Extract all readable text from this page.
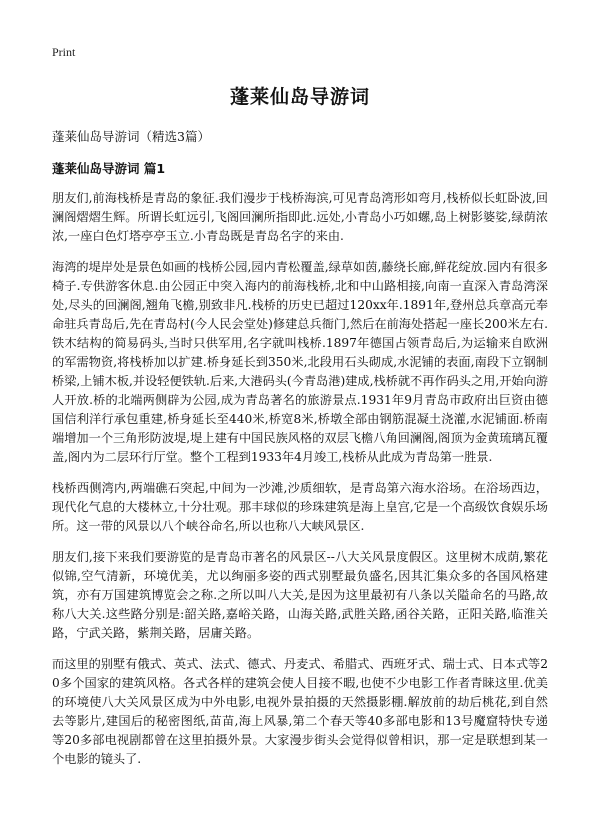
Print
蓬莱仙岛导游词
蓬莱仙岛导游词（精选3篇）
蓬莱仙岛导游词 篇1

朋友们,前海栈桥是青岛的象征.我们漫步于栈桥海滨,可见青岛湾形如弯月,栈桥似长虹卧波,回澜阁熠熠生辉。所谓长虹远引,飞阁回澜所指即此.远处,小青岛小巧如螺,岛上树影婆娑,绿荫浓浓,一座白色灯塔亭亭玉立.小青岛既是青岛名字的来由.

海湾的堤岸处是景色如画的栈桥公园,园内青松覆盖,绿草如茵,藤绕长廊,鲜花绽放.园内有很多椅子.专供游客休息.由公园正中突入海内的前海栈桥,北和中山路相接,向南一直深入青岛湾深处,尽头的回澜阁,翘角飞檐,别致非凡.栈桥的历史已超过120xx年.1891年,登州总兵章高元奉命驻兵青岛后,先在青岛村(今人民会堂处)修建总兵衙门,然后在前海处搭起一座长200米左右.铁木结构的简易码头,当时只供军用,名字就叫栈桥.1897年德国占领青岛后,为运输来自欧洲的军需物资,将栈桥加以扩建.桥身延长到350米,北段用石头砌成,水泥铺的表面,南段下立钢制桥梁,上铺木板,并设轻便铁轨.后来,大港码头(今青岛港)建成,栈桥就不再作码头之用,开始向游人开放.桥的北端两侧辟为公园,成为青岛著名的旅游景点.1931年9月青岛市政府出巨资由德国信利洋行承包重建,桥身延长至440米,桥宽8米,桥墩全部由钢筋混凝土浇灌,水泥铺面.桥南端增加一个三角形防波堤,堤上建有中国民族风格的双层飞檐八角回澜阁,阁顶为金黄琉璃瓦覆盖,阁内为二层环行厅堂。整个工程到1933年4月竣工,栈桥从此成为青岛第一胜景.

栈桥西侧湾内,两端礁石突起,中间为一沙滩,沙质细软，是青岛第六海水浴场。在浴场西边，现代化气息的大楼林立,十分壮观。那丰球似的珍珠建筑是海上皇宫,它是一个高级饮食娱乐场所。这一带的风景以八个峡谷命名,所以也称八大峡风景区.

朋友们,接下来我们要游览的是青岛市著名的风景区--八大关风景度假区。这里树木成荫,繁花似锦,空气清新，环境优美，尤以绚丽多姿的西式别墅最负盛名,因其汇集众多的各国风格建筑，亦有万国建筑博览会之称.之所以叫八大关,是因为这里最初有八条以关隘命名的马路,故称八大关.这些路分别是:韶关路,嘉峪关路，山海关路,武胜关路,函谷关路，正阳关路,临淮关路，宁武关路，紫荆关路，居庸关路。

而这里的别墅有俄式、英式、法式、德式、丹麦式、希腊式、西班牙式、瑞士式、日本式等20多个国家的建筑风格。各式各样的建筑会使人目接不暇,也使不少电影工作者青睐这里.优美的环境使八大关风景区成为中外电影,电视外景拍摄的天然摄影棚.解放前的劫后桃花,到自然去等影片,建国后的秘密图纸,苗苗,海上风暴,第二个春天等40多部电影和13号魔窟特快专递等20多部电视剧都曾在这里拍摄外景。大家漫步街头会觉得似曾相识，那一定是联想到某一个电影的镜头了.
